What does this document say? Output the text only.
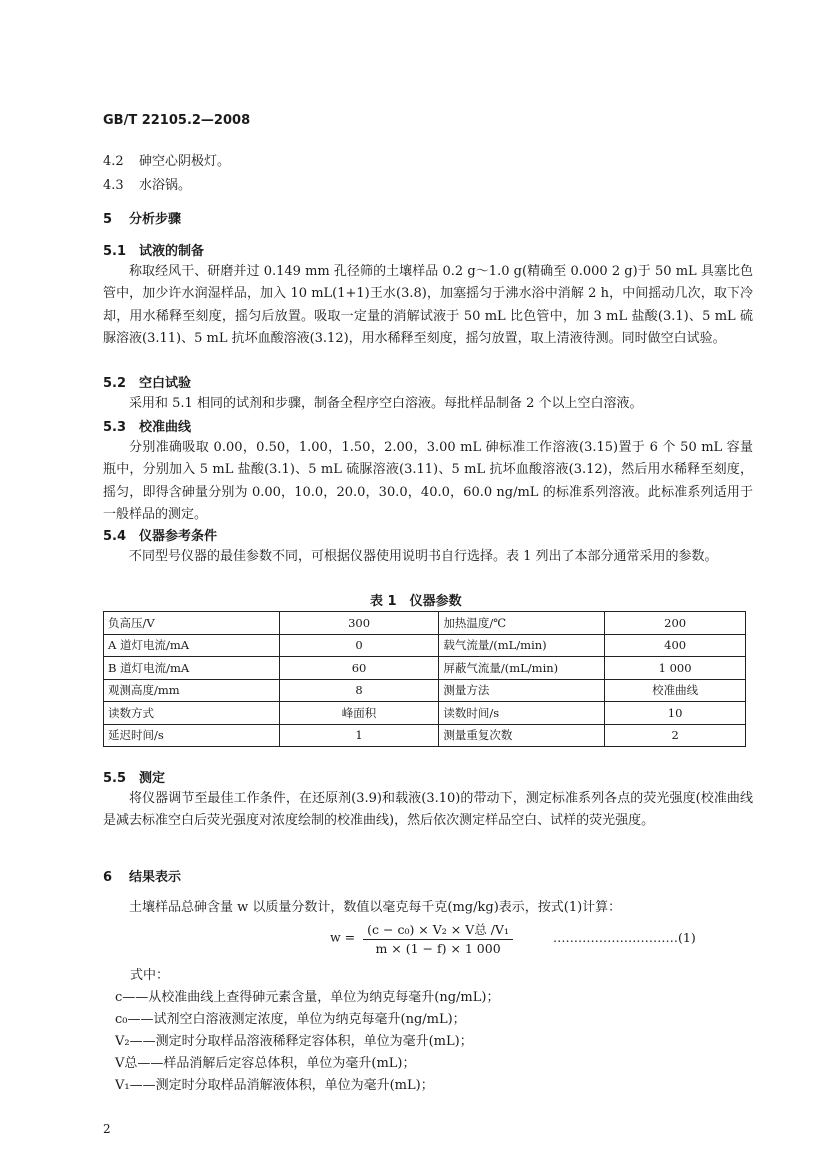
GB/T 22105.2—2008
4.2 砷空心阴极灯。
4.3 水浴锅。
5 分析步骤
5.1 试液的制备
称取经风干、研磨并过 0.149 mm 孔径筛的土壤样品 0.2 g～1.0 g(精确至 0.000 2 g)于 50 mL 具塞比色管中，加少许水润湿样品，加入 10 mL(1+1)王水(3.8)，加塞摇匀于沸水浴中消解 2 h，中间摇动几次，取下冷却，用水稀释至刻度，摇匀后放置。吸取一定量的消解试液于 50 mL 比色管中，加 3 mL 盐酸(3.1)、5 mL 硫脲溶液(3.11)、5 mL 抗坏血酸溶液(3.12)，用水稀释至刻度，摇匀放置，取上清液待测。同时做空白试验。
5.2 空白试验
采用和 5.1 相同的试剂和步骤，制备全程序空白溶液。每批样品制备 2 个以上空白溶液。
5.3 校准曲线
分别准确吸取 0.00，0.50，1.00，1.50，2.00，3.00 mL 砷标准工作溶液(3.15)置于 6 个 50 mL 容量瓶中，分别加入 5 mL 盐酸(3.1)、5 mL 硫脲溶液(3.11)、5 mL 抗坏血酸溶液(3.12)，然后用水稀释至刻度，摇匀，即得含砷量分别为 0.00，10.0，20.0，30.0，40.0，60.0 ng/mL 的标准系列溶液。此标准系列适用于一般样品的测定。
5.4 仪器参考条件
不同型号仪器的最佳参数不同，可根据仪器使用说明书自行选择。表 1 列出了本部分通常采用的参数。
表 1　仪器参数
负高压/V	300	加热温度/℃	200
A 道灯电流/mA	0	载气流量/(mL/min)	400
B 道灯电流/mA	60	屏蔽气流量/(mL/min)	1 000
观测高度/mm	8	测量方法	校准曲线
读数方式	峰面积	读数时间/s	10
延迟时间/s	1	测量重复次数	2
5.5 测定
将仪器调节至最佳工作条件，在还原剂(3.9)和载液(3.10)的带动下，测定标准系列各点的荧光强度(校准曲线是减去标准空白后荧光强度对浓度绘制的校准曲线)，然后依次测定样品空白、试样的荧光强度。
6 结果表示
土壤样品总砷含量 w 以质量分数计，数值以毫克每千克(mg/kg)表示，按式(1)计算：
$w = \frac{\text{(c − c₀) × V₂ × V总 /V₁}}{m \times (1 - f) \times 1 000}$	…………………………(1)
式中：
c——从校准曲线上查得砷元素含量，单位为纳克每毫升(ng/mL)；
c₀——试剂空白溶液测定浓度，单位为纳克每毫升(ng/mL)；
V₂——测定时分取样品溶液稀释定容体积，单位为毫升(mL)；
V总——样品消解后定容总体积，单位为毫升(mL)；
V₁——测定时分取样品消解液体积，单位为毫升(mL)；
2
